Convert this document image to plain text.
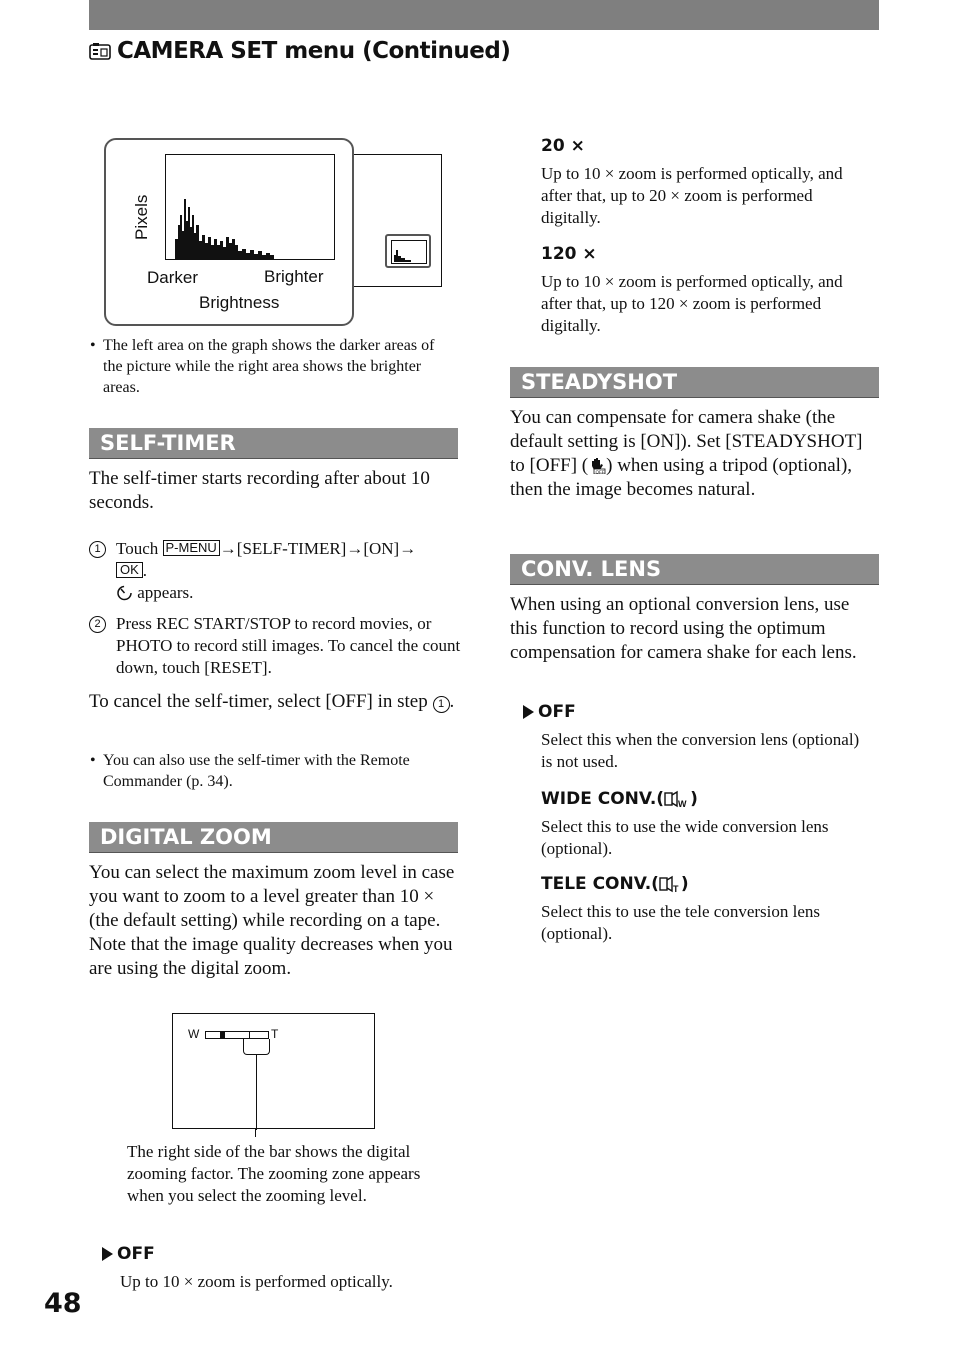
CAMERA SET menu (Continued)
Pixels
Darker	Brighter
Brightness
• The left area on the graph shows the darker areas of the picture while the right area shows the brighter areas.
SELF-TIMER
The self-timer starts recording after about 10 seconds.
1 Touch P-MENU →[SELF-TIMER]→[ON]→
OK .
appears.
2 Press REC START/STOP to record movies, or PHOTO to record still images. To cancel the count down, touch [RESET].
To cancel the self-timer, select [OFF] in step 1 .
• You can also use the self-timer with the Remote Commander (p. 34).
DIGITAL ZOOM
You can select the maximum zoom level in case you want to zoom to a level greater than 10 × (the default setting) while recording on a tape. Note that the image quality decreases when you are using the digital zoom.
W	T
The right side of the bar shows the digital zooming factor. The zooming zone appears when you select the zooming level.
OFF
Up to 10 × zoom is performed optically.
48
20 ×
Up to 10 × zoom is performed optically, and after that, up to 20 × zoom is performed digitally.
120 ×
Up to 10 × zoom is performed optically, and after that, up to 120 × zoom is performed digitally.
STEADYSHOT
You can compensate for camera shake (the default setting is [ON]). Set [STEADYSHOT] to [OFF] ( OFF ) when using a tripod (optional), then the image becomes natural.
CONV. LENS
When using an optional conversion lens, use this function to record using the optimum compensation for camera shake for each lens.
OFF
Select this when the conversion lens (optional) is not used.
WIDE CONV.( W )
Select this to use the wide conversion lens (optional).
TELE CONV.( T )
Select this to use the tele conversion lens (optional).
